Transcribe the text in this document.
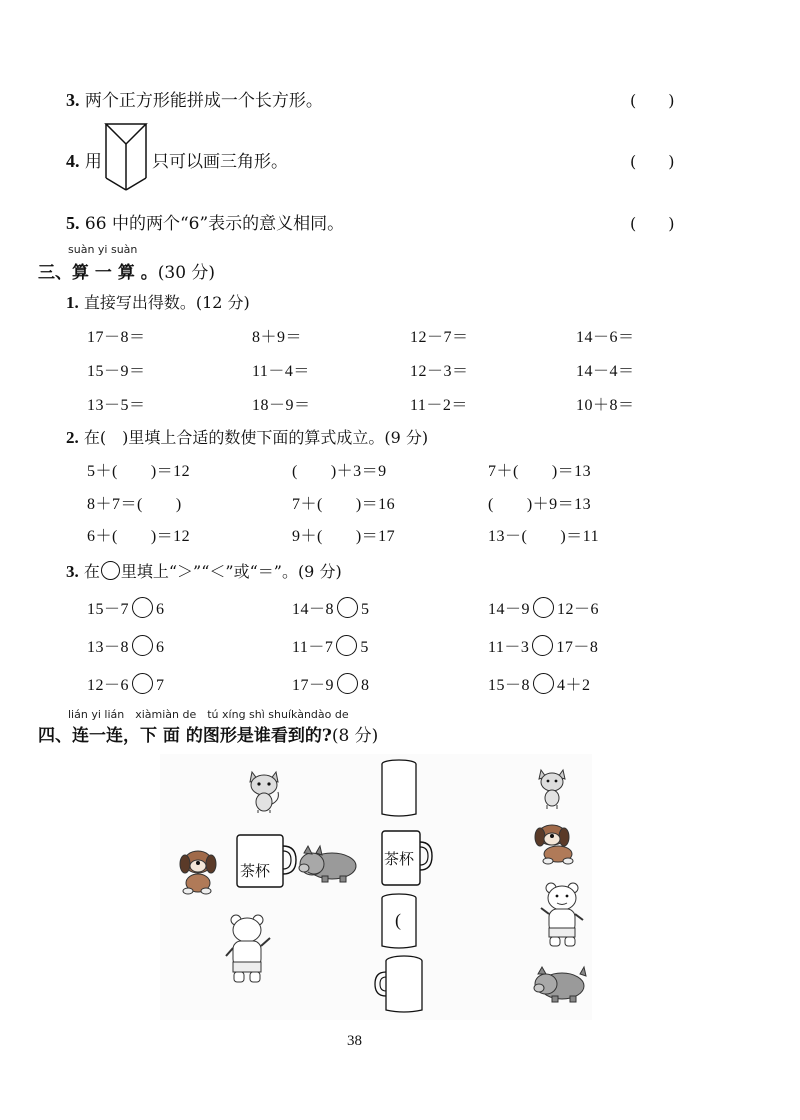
3. 两个正方形能拼成一个长方形。	(　　)
4. 用	只可以画三角形。	(　　)
5. 66 中的两个“6”表示的意义相同。	(　　)
suàn yi suàn
三、算 一 算 。(30 分)
1. 直接写出得数。(12 分)
17－8＝	8＋9＝	12－7＝	14－6＝
15－9＝	11－4＝	12－3＝	14－4＝
13－5＝	18－9＝	11－2＝	10＋8＝
2. 在(　 )里填上合适的数使下面的算式成立。(9 分)
5＋(　　)＝12	(　　)＋3＝9	7＋(　　)＝13
8＋7＝(　　)	7＋(　　)＝16	(　　)＋9＝13
6＋(　　)＝12	9＋(　　)＝17	13－(　　)＝11
3. 在 里填上“＞”“＜”或“＝”。(9 分)
15－7 6	14－8 5	14－9 12－6
13－8 6	11－7 5	11－3 17－8
12－6 7	17－9 8	15－8 4＋2
lián yi lián　xiàmiàn de　tú xíng shì shuíkàndào de
四、连一连，下 面 的图形是谁看到的?(8 分)
茶杯
茶杯
(
38
